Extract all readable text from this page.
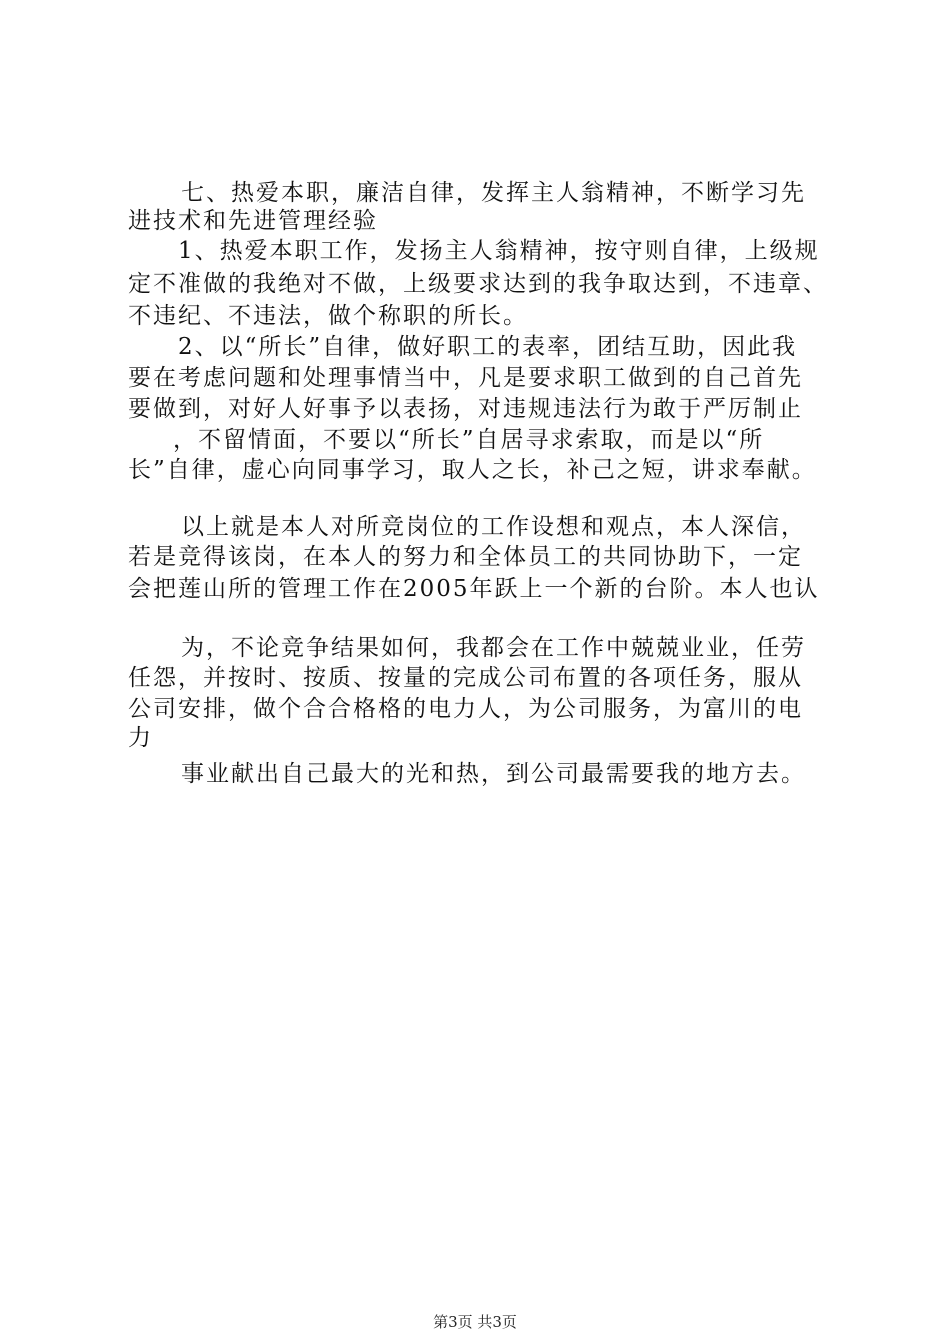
七、热爱本职，廉洁自律，发挥主人翁精神，不断学习先
进技术和先进管理经验
1、热爱本职工作，发扬主人翁精神，按守则自律，上级规
定不准做的我绝对不做，上级要求达到的我争取达到，不违章、
不违纪、不违法，做个称职的所长。
2、以“所长”自律，做好职工的表率，团结互助，因此我
要在考虑问题和处理事情当中，凡是要求职工做到的自己首先
要做到，对好人好事予以表扬，对违规违法行为敢于严厉制止
，不留情面，不要以“所长”自居寻求索取，而是以“所
长”自律，虚心向同事学习，取人之长，补己之短，讲求奉献。
以上就是本人对所竞岗位的工作设想和观点，本人深信，
若是竞得该岗，在本人的努力和全体员工的共同协助下，一定
会把莲山所的管理工作在2005年跃上一个新的台阶。本人也认
为，不论竞争结果如何，我都会在工作中兢兢业业，任劳
任怨，并按时、按质、按量的完成公司布置的各项任务，服从
公司安排，做个合合格格的电力人，为公司服务，为富川的电
力
事业献出自己最大的光和热，到公司最需要我的地方去。
第3页 共3页
